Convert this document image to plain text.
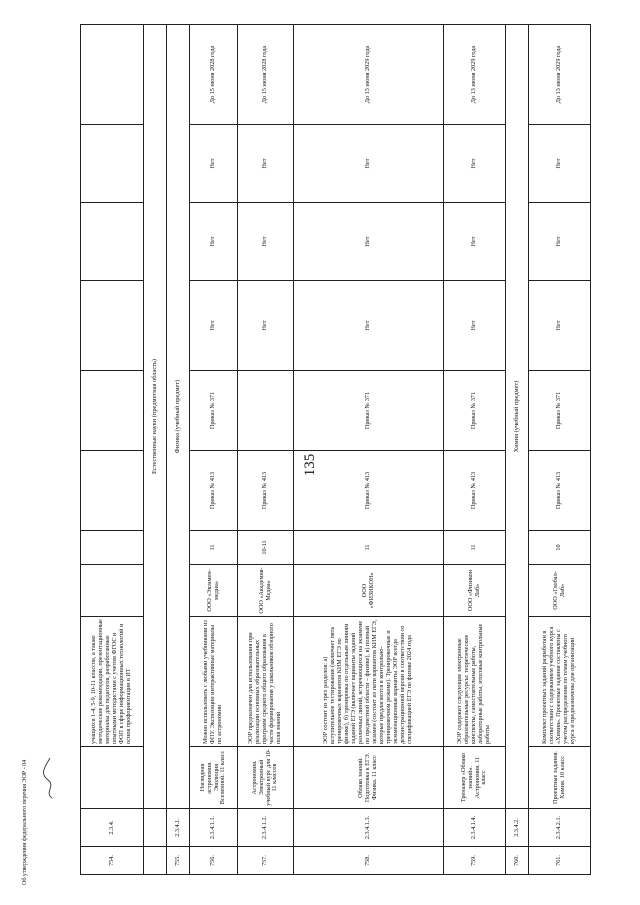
754.	2.3.4.		учащихся 1-4, 5-9, 10-11 классов, а также методические рекомендации, презентационные материалы для педагогов, разработанные опытными методистами с учетом ФГОС и ФОП в сфере информационных технологий и основ профориентации в ИТ								
		Естественные науки (предметная область)									
755.	2.3.4.1.	Физика (учебный предмет)									
756.	2.3.4.1.1.	Наглядная астрономия. Эволюция Вселенной. 11 класс	Можно использовать с любыми учебниками из ФПУ. Экспозиции интерактивные материалы по астрономии	ООО «Экзамен-медиа»	11	Приказ № 413	Приказ № 371	Нет	Нет	Нет	До 15 июня 2028 года
757.	2.3.4.1.2.	Астрономия. Электронный учебный курс для 10-11 классов	ЭОР предназначен для использования при реализации основных образовательных программ среднего общего образования в части формирования у школьников обзорного поля знаний	ООО «Академия-Медиа»	10-11	Приказ № 413		Нет	Нет	Нет	До 15 июня 2028 года
758.	2.3.4.1.3.	Облако знаний. Подготовка к ЕГЭ. Физика. 11 класс	ЭОР состоит из трех разделов: а) вступительное тестирование (включает пять тренировочных вариантов КИМ ЕГЭ по физике), б) тренировка по отдельным линиям заданий ЕГЭ (включает варианты заданий различных линий, встречающихся на экзамене по предметной области – физике), в) полный экзамен (состоит из пяти вариантов КИМ ЕГЭ, которые предлагаются в контрольно-тренировочном режиме). Тренировочные и экзаменационные варианты ЭОР всегда демонстрационной версии в соответствии со спецификацией ЕГЭ по физике 2024 года	ООО «ФИЗИКОН»	11	Приказ № 413	Приказ № 371	Нет	Нет	Нет	До 13 июня 2029 года
759.	2.3.4.1.4.	Тренажер «Облако знаний». Астрономия. 11 класс	ЭОР содержит следующие электронные образовательные ресурсы: теоретические конспекты, самостоятельные работы, лабораторные работы, итоговые контрольные работы	ООО «Физикон Лаб»	11	Приказ № 413	Приказ № 371	Нет	Нет	Нет	До 13 июня 2029 года
760.	2.3.4.2.	Химия (учебный предмет)									
761.	2.3.4.2.1.	Проектные задания. Химия. 10 класс	Комплект проектных заданий разработан в соответствии с содержанием учебного курса «Химия». Проектные задания составлены с учетом распределения по темам учебного курса и предназначены для организации	ООО «Глобал-Лаб»	10	Приказ № 413	Приказ № 371	Нет	Нет	Нет	До 13 июня 2029 года
135
Об утверждении федерального перечня ЭОР - 04
